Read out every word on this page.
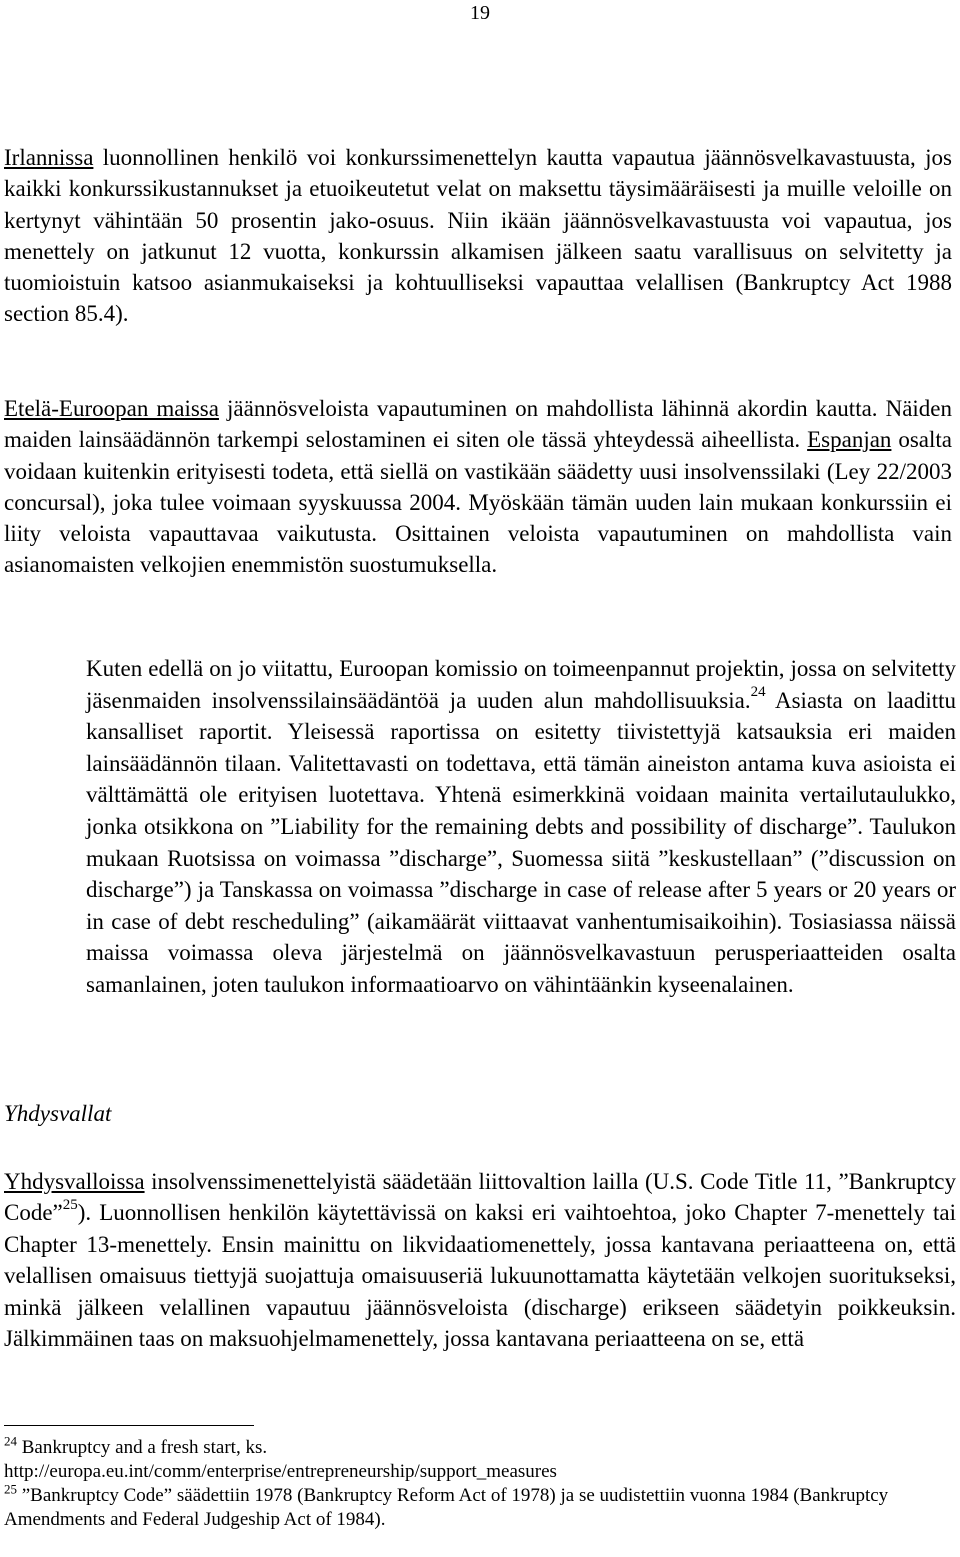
19

Irlannissa luonnollinen henkilö voi konkurssimenettelyn kautta vapautua jäännösvelkavastuusta, jos kaikki konkurssikustannukset ja etuoikeutetut velat on maksettu täysimääräisesti ja muille veloille on kertynyt vähintään 50 prosentin jako-osuus. Niin ikään jäännösvelkavastuusta voi vapautua, jos menettely on jatkunut 12 vuotta, konkurssin alkamisen jälkeen saatu varallisuus on selvitetty ja tuomioistuin katsoo asianmukaiseksi ja kohtuulliseksi vapauttaa velallisen (Bankruptcy Act 1988 section 85.4).

Etelä-Euroopan maissa jäännösveloista vapautuminen on mahdollista lähinnä akordin kautta. Näiden maiden lainsäädännön tarkempi selostaminen ei siten ole tässä yhteydessä aiheellista. Espanjan osalta voidaan kuitenkin erityisesti todeta, että siellä on vastikään säädetty uusi insolvenssilaki (Ley 22/2003 concursal), joka tulee voimaan syyskuussa 2004. Myöskään tämän uuden lain mukaan konkurssiin ei liity veloista vapauttavaa vaikutusta. Osittainen veloista vapautuminen on mahdollista vain asianomaisten velkojien enemmistön suostumuksella.

Kuten edellä on jo viitattu, Euroopan komissio on toimeenpannut projektin, jossa on selvitetty jäsenmaiden insolvenssilainsäädäntöä ja uuden alun mahdollisuuksia.$^{24}$ Asiasta on laadittu kansalliset raportit. Yleisessä raportissa on esitetty tiivistettyjä katsauksia eri maiden lainsäädännön tilaan. Valitettavasti on todettava, että tämän aineiston antama kuva asioista ei välttämättä ole erityisen luotettava. Yhtenä esimerkkinä voidaan mainita vertailutaulukko, jonka otsikkona on ”Liability for the remaining debts and possibility of discharge”. Taulukon mukaan Ruotsissa on voimassa ”discharge”, Suomessa siitä ”keskustellaan” (”discussion on discharge”) ja Tanskassa on voimassa ”discharge in case of release after 5 years or 20 years or in case of debt rescheduling” (aikamäärät viittaavat vanhentumisaikoihin). Tosiasiassa näissä maissa voimassa oleva järjestelmä on jäännösvelkavastuun perusperiaatteiden osalta samanlainen, joten taulukon informaatioarvo on vähintäänkin kyseenalainen.

Yhdysvallat

Yhdysvalloissa insolvenssimenettelyistä säädetään liittovaltion lailla (U.S. Code Title 11, ”Bankruptcy Code”$^{25}$). Luonnollisen henkilön käytettävissä on kaksi eri vaihtoehtoa, joko Chapter 7-menettely tai Chapter 13-menettely. Ensin mainittu on likvidaatiomenettely, jossa kantavana periaatteena on, että velallisen omaisuus tiettyjä suojattuja omaisuuseriä lukuunottamatta käytetään velkojen suoritukseksi, minkä jälkeen velallinen vapautuu jäännösveloista (discharge) erikseen säädetyin poikkeuksin. Jälkimmäinen taas on maksuohjelmamenettely, jossa kantavana periaatteena on se, että

$^{24}$ Bankruptcy and a fresh start, ks.
http://europa.eu.int/comm/enterprise/entrepreneurship/support_measures
$^{25}$ ”Bankruptcy Code” säädettiin 1978 (Bankruptcy Reform Act of 1978) ja se uudistettiin vuonna 1984 (Bankruptcy Amendments and Federal Judgeship Act of 1984).
